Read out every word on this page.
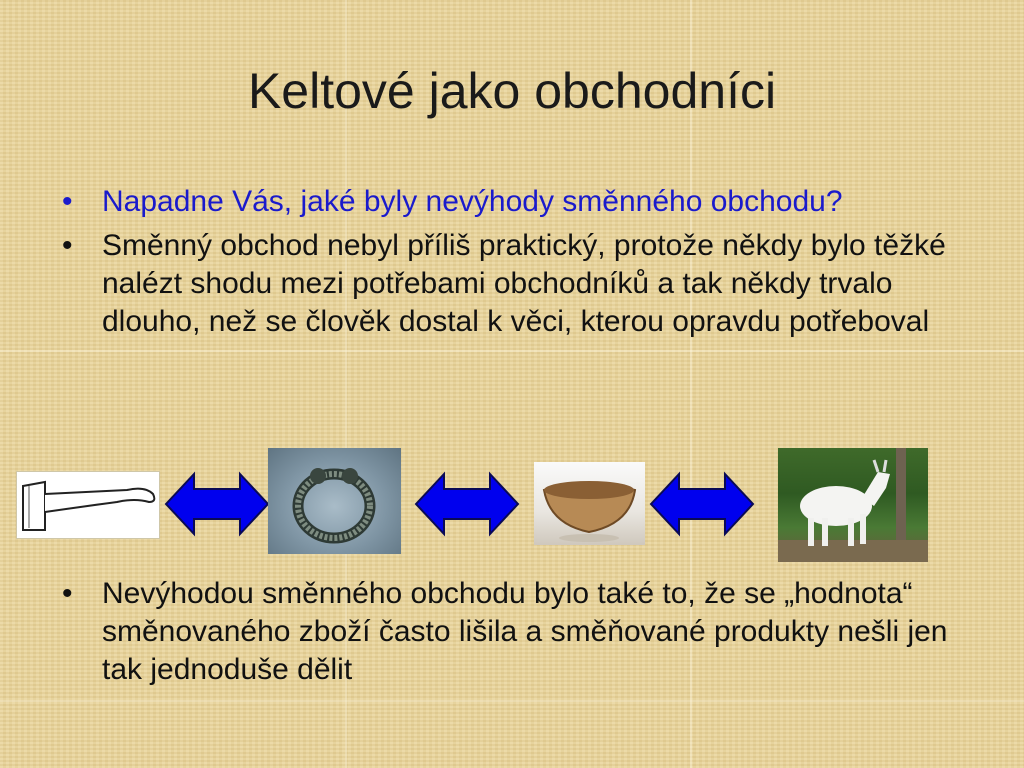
Keltové jako obchodníci
• Napadne Vás, jaké byly nevýhody směnného obchodu?
• Směnný obchod nebyl příliš praktický, protože někdy bylo těžké nalézt shodu mezi potřebami obchodníků a tak někdy trvalo dlouho, než se člověk dostal k věci, kterou opravdu potřeboval
• Nevýhodou směnného obchodu bylo také to, že se „hodnota“ směnovaného zboží často lišila a směňované produkty nešli jen tak jednoduše dělit
